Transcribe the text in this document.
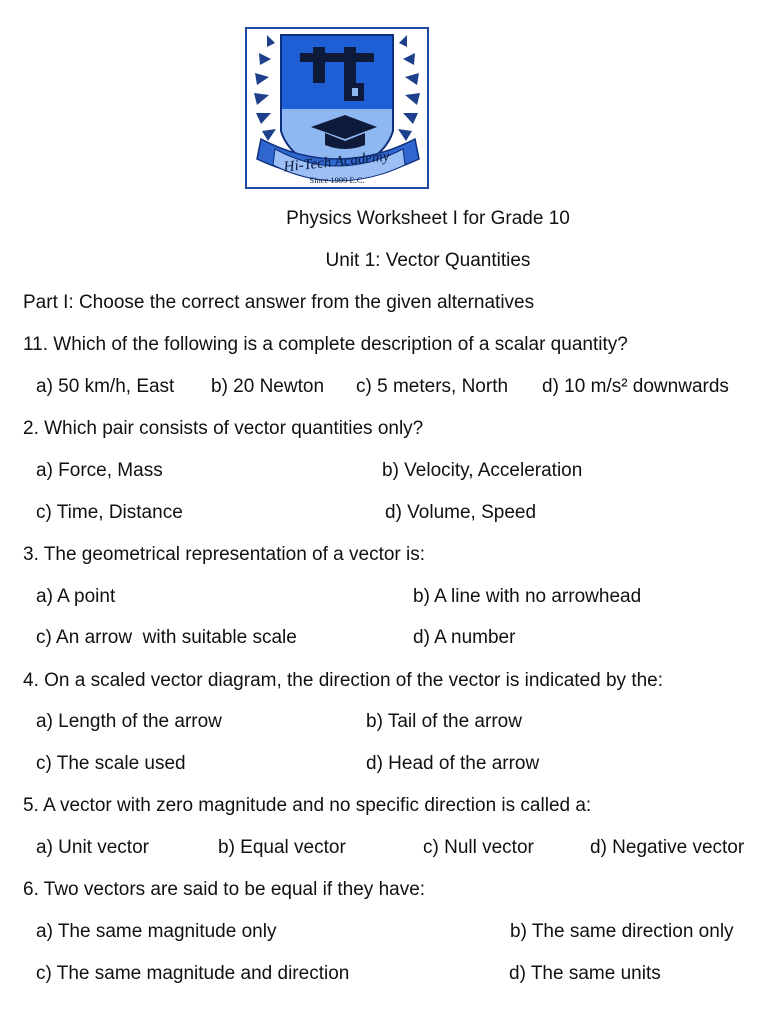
Hi-Tech Academy
Since 1999 E.C.
Physics Worksheet I for Grade 10
Unit 1: Vector Quantities
Part I: Choose the correct answer from the given alternatives
11. Which of the following is a complete description of a scalar quantity?
a) 50 km/h, East b) 20 Newton c) 5 meters, North d) 10 m/s² downwards
2. Which pair consists of vector quantities only?
a) Force, Mass	b) Velocity, Acceleration
c) Time, Distance	d) Volume, Speed
3. The geometrical representation of a vector is:
a) A point	b) A line with no arrowhead
c) An arrow  with suitable scale	d) A number
4. On a scaled vector diagram, the direction of the vector is indicated by the:
a) Length of the arrow	b) Tail of the arrow
c) The scale used	d) Head of the arrow
5. A vector with zero magnitude and no specific direction is called a:
a) Unit vector	b) Equal vector	c) Null vector	d) Negative vector
6. Two vectors are said to be equal if they have:
a) The same magnitude only	b) The same direction only
c) The same magnitude and direction	d) The same units
